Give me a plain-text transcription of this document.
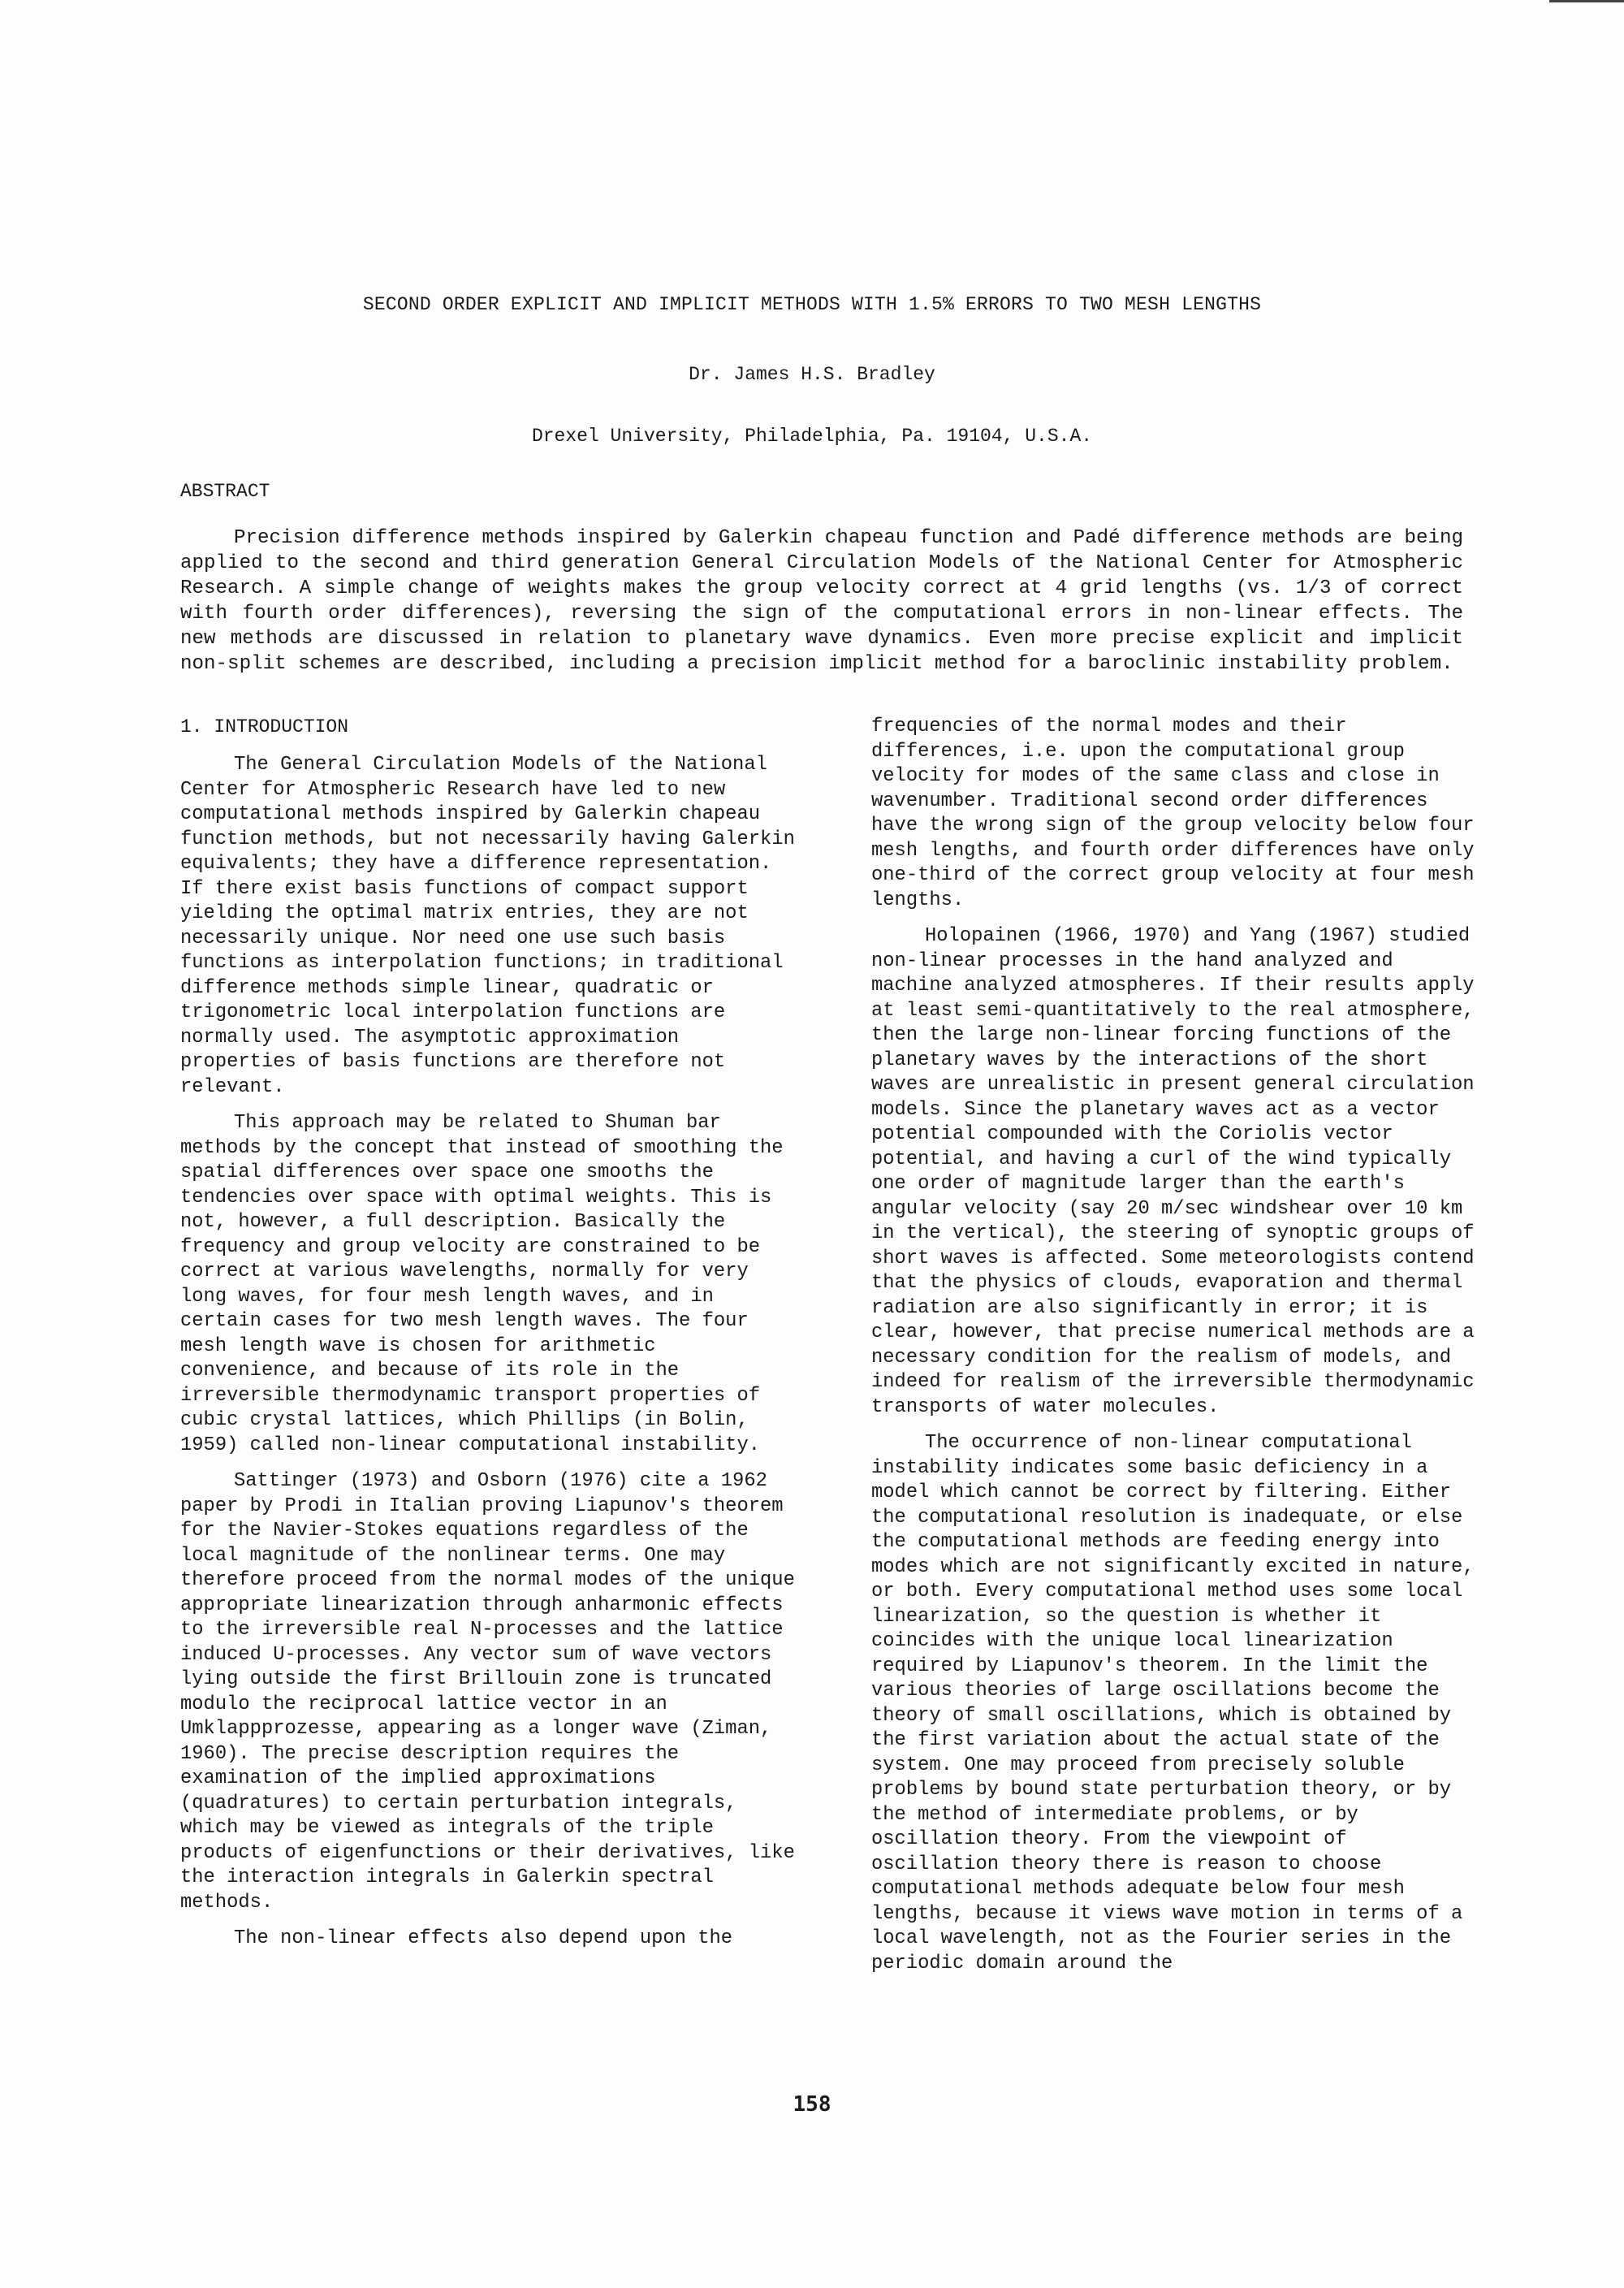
SECOND ORDER EXPLICIT AND IMPLICIT METHODS WITH 1.5% ERRORS TO TWO MESH LENGTHS
Dr. James H.S. Bradley
Drexel University, Philadelphia, Pa. 19104, U.S.A.
ABSTRACT
Precision difference methods inspired by Galerkin chapeau function and Padé difference methods are being applied to the second and third generation General Circulation Models of the National Center for Atmospheric Research. A simple change of weights makes the group velocity correct at 4 grid lengths (vs. 1/3 of correct with fourth order differences), reversing the sign of the computational errors in non-linear effects. The new methods are discussed in relation to planetary wave dynamics. Even more precise explicit and implicit non-split schemes are described, including a precision implicit method for a baroclinic instability problem.
1. INTRODUCTION

The General Circulation Models of the National Center for Atmospheric Research have led to new computational methods inspired by Galerkin chapeau function methods, but not necessarily having Galerkin equivalents; they have a difference representation. If there exist basis functions of compact support yielding the optimal matrix entries, they are not necessarily unique. Nor need one use such basis functions as interpolation functions; in traditional difference methods simple linear, quadratic or trigonometric local interpolation functions are normally used. The asymptotic approximation properties of basis functions are therefore not relevant.

This approach may be related to Shuman bar methods by the concept that instead of smoothing the spatial differences over space one smooths the tendencies over space with optimal weights. This is not, however, a full description. Basically the frequency and group velocity are constrained to be correct at various wavelengths, normally for very long waves, for four mesh length waves, and in certain cases for two mesh length waves. The four mesh length wave is chosen for arithmetic convenience, and because of its role in the irreversible thermodynamic transport properties of cubic crystal lattices, which Phillips (in Bolin, 1959) called non-linear computational instability.

Sattinger (1973) and Osborn (1976) cite a 1962 paper by Prodi in Italian proving Liapunov's theorem for the Navier-Stokes equations regardless of the local magnitude of the nonlinear terms. One may therefore proceed from the normal modes of the unique appropriate linearization through anharmonic effects to the irreversible real N-processes and the lattice induced U-processes. Any vector sum of wave vectors lying outside the first Brillouin zone is truncated modulo the reciprocal lattice vector in an Umklappprozesse, appearing as a longer wave (Ziman, 1960). The precise description requires the examination of the implied approximations (quadratures) to certain perturbation integrals, which may be viewed as integrals of the triple products of eigenfunctions or their derivatives, like the interaction integrals in Galerkin spectral methods.

The non-linear effects also depend upon the

frequencies of the normal modes and their differences, i.e. upon the computational group velocity for modes of the same class and close in wavenumber. Traditional second order differences have the wrong sign of the group velocity below four mesh lengths, and fourth order differences have only one-third of the correct group velocity at four mesh lengths.

Holopainen (1966, 1970) and Yang (1967) studied non-linear processes in the hand analyzed and machine analyzed atmospheres. If their results apply at least semi-quantitatively to the real atmosphere, then the large non-linear forcing functions of the planetary waves by the interactions of the short waves are unrealistic in present general circulation models. Since the planetary waves act as a vector potential compounded with the Coriolis vector potential, and having a curl of the wind typically one order of magnitude larger than the earth's angular velocity (say 20 m/sec windshear over 10 km in the vertical), the steering of synoptic groups of short waves is affected. Some meteorologists contend that the physics of clouds, evaporation and thermal radiation are also significantly in error; it is clear, however, that precise numerical methods are a necessary condition for the realism of models, and indeed for realism of the irreversible thermodynamic transports of water molecules.

The occurrence of non-linear computational instability indicates some basic deficiency in a model which cannot be correct by filtering. Either the computational resolution is inadequate, or else the computational methods are feeding energy into modes which are not significantly excited in nature, or both. Every computational method uses some local linearization, so the question is whether it coincides with the unique local linearization required by Liapunov's theorem. In the limit the various theories of large oscillations become the theory of small oscillations, which is obtained by the first variation about the actual state of the system. One may proceed from precisely soluble problems by bound state perturbation theory, or by the method of intermediate problems, or by oscillation theory. From the viewpoint of oscillation theory there is reason to choose computational methods adequate below four mesh lengths, because it views wave motion in terms of a local wavelength, not as the Fourier series in the periodic domain around the

158
